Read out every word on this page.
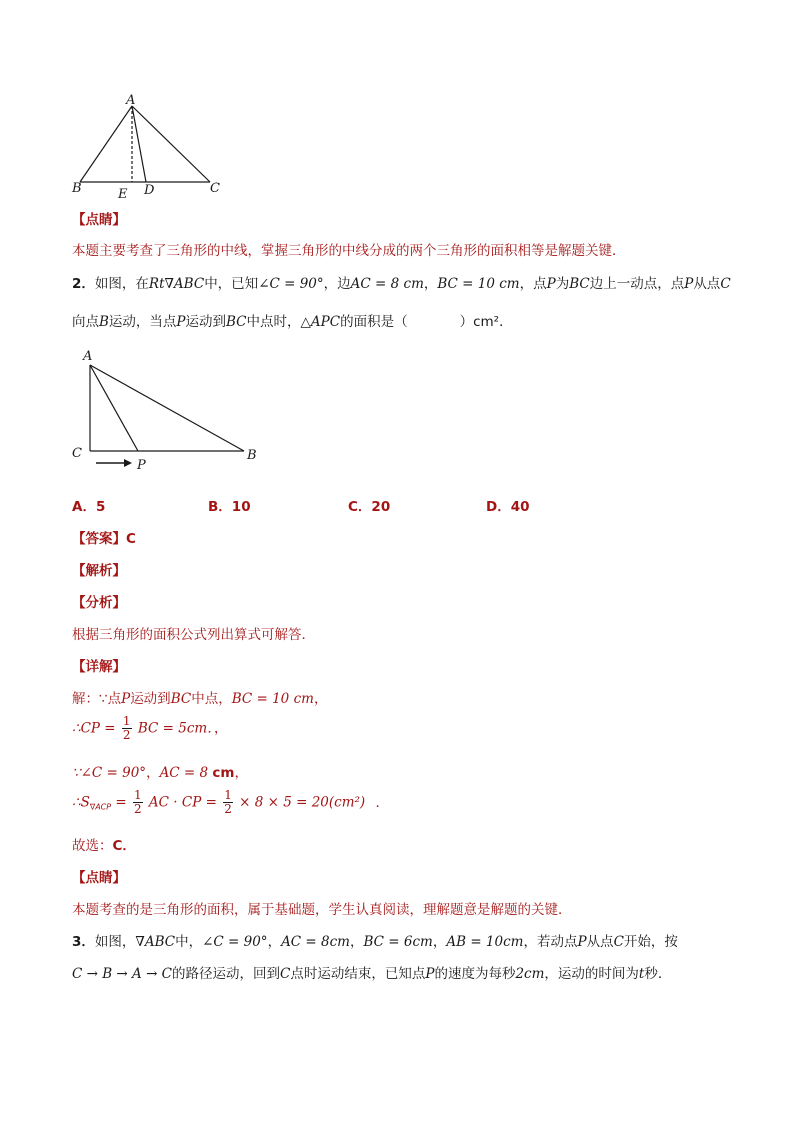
A
B	E D	C
【点睛】
本题主要考查了三角形的中线，掌握三角形的中线分成的两个三角形的面积相等是解题关键．
2．如图，在Rt∇ABC中，已知∠C = 90°，边AC = 8 cm，BC = 10 cm，点P为BC边上一动点，点P从点C
向点B运动，当点P运动到BC中点时，△APC的面积是（	）cm²．
A
C
P
B
A．5	B．10	C．20	D．40
【答案】C
【解析】
【分析】
根据三角形的面积公式列出算式可解答．
【详解】
解：∵点P运动到BC中点，BC = 10 cm，
∴CP = $\frac{1}{2}$ BC = 5cm．，
∵∠C = 90°，AC = 8 cm，
$\therefore S_{\nabla ACP} = \frac{1}{2}$ AC · CP = $\frac{1}{2} \times 8 \times 5 = 20(cm^2)$ ．
故选：C．
【点睛】
本题考查的是三角形的面积，属于基础题，学生认真阅读，理解题意是解题的关键．
3．如图，∇ABC中，∠C = 90°，AC = 8cm，BC = 6cm，AB = 10cm，若动点P从点C开始，按
C → B → A → C的路径运动，回到C点时运动结束，已知点P的速度为每秒2cm，运动的时间为t秒．
